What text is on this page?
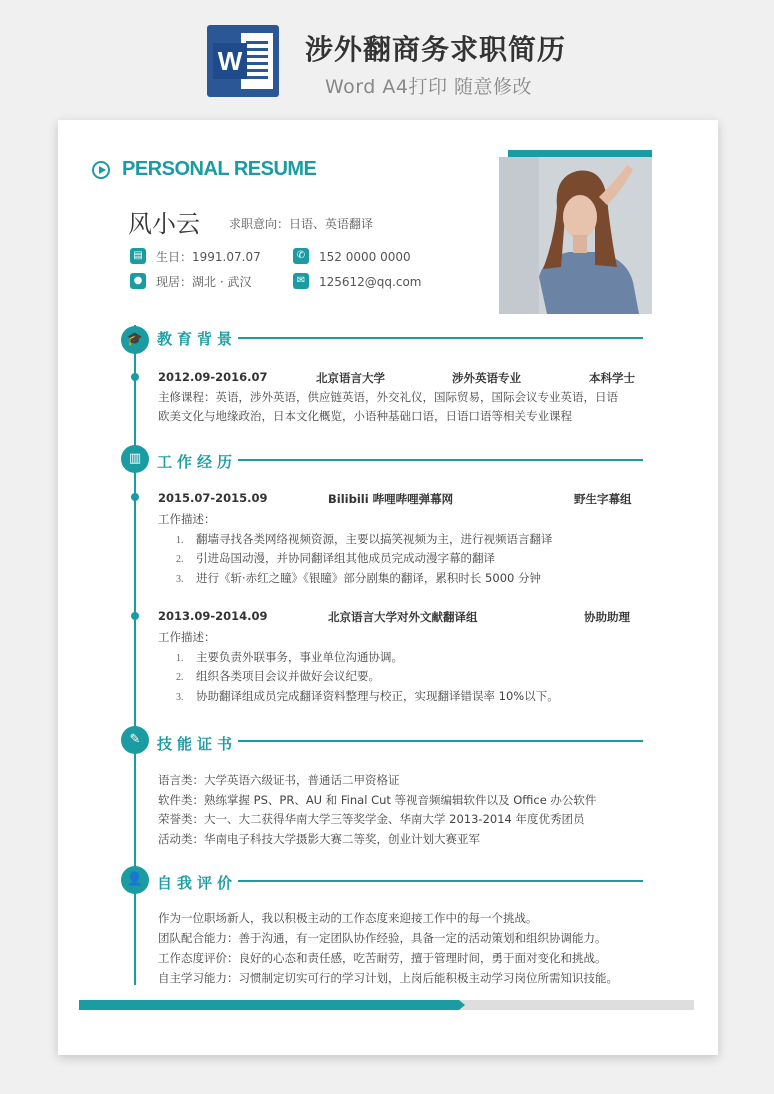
W 涉外翻商务求职简历
Word A4打印 随意修改
PERSONAL RESUME
风小云 求职意向：日语、英语翻译
▤ 生日：1991.07.07	✆	152 0000 0000
●	现居：湖北 · 武汉	✉	125612@qq.com
🎓 教育背景
2012.09-2016.07	北京语言大学	涉外英语专业	本科学士
主修课程：英语，涉外英语，供应链英语，外交礼仪，国际贸易，国际会议专业英语，日语
欧美文化与地缘政治，日本文化概览，小语种基础口语，日语口语等相关专业课程
▥	工作经历
2015.07-2015.09	Bilibili 哔哩哔哩弹幕网	野生字幕组
工作描述：
1. 翻墙寻找各类网络视频资源，主要以搞笑视频为主，进行视频语言翻译
2. 引进岛国动漫，并协同翻译组其他成员完成动漫字幕的翻译
3. 进行《斩·赤红之瞳》《银瞳》部分剧集的翻译，累积时长 5000 分钟
2013.09-2014.09	北京语言大学对外文献翻译组	协助助理
工作描述：
1. 主要负责外联事务，事业单位沟通协调。
2. 组织各类项目会议并做好会议纪要。
3. 协助翻译组成员完成翻译资料整理与校正，实现翻译错误率 10%以下。
✎	技能证书
语言类：大学英语六级证书，普通话二甲资格证
软件类：熟练掌握 PS、PR、AU 和 Final Cut 等视音频编辑软件以及 Office 办公软件
荣誉类：大一、大二获得华南大学三等奖学金、华南大学 2013-2014 年度优秀团员
活动类：华南电子科技大学摄影大赛二等奖，创业计划大赛亚军
👤 自我评价
作为一位职场新人，我以积极主动的工作态度来迎接工作中的每一个挑战。
团队配合能力：善于沟通，有一定团队协作经验，具备一定的活动策划和组织协调能力。
工作态度评价：良好的心态和责任感，吃苦耐劳，擅于管理时间，勇于面对变化和挑战。
自主学习能力：习惯制定切实可行的学习计划，上岗后能积极主动学习岗位所需知识技能。
